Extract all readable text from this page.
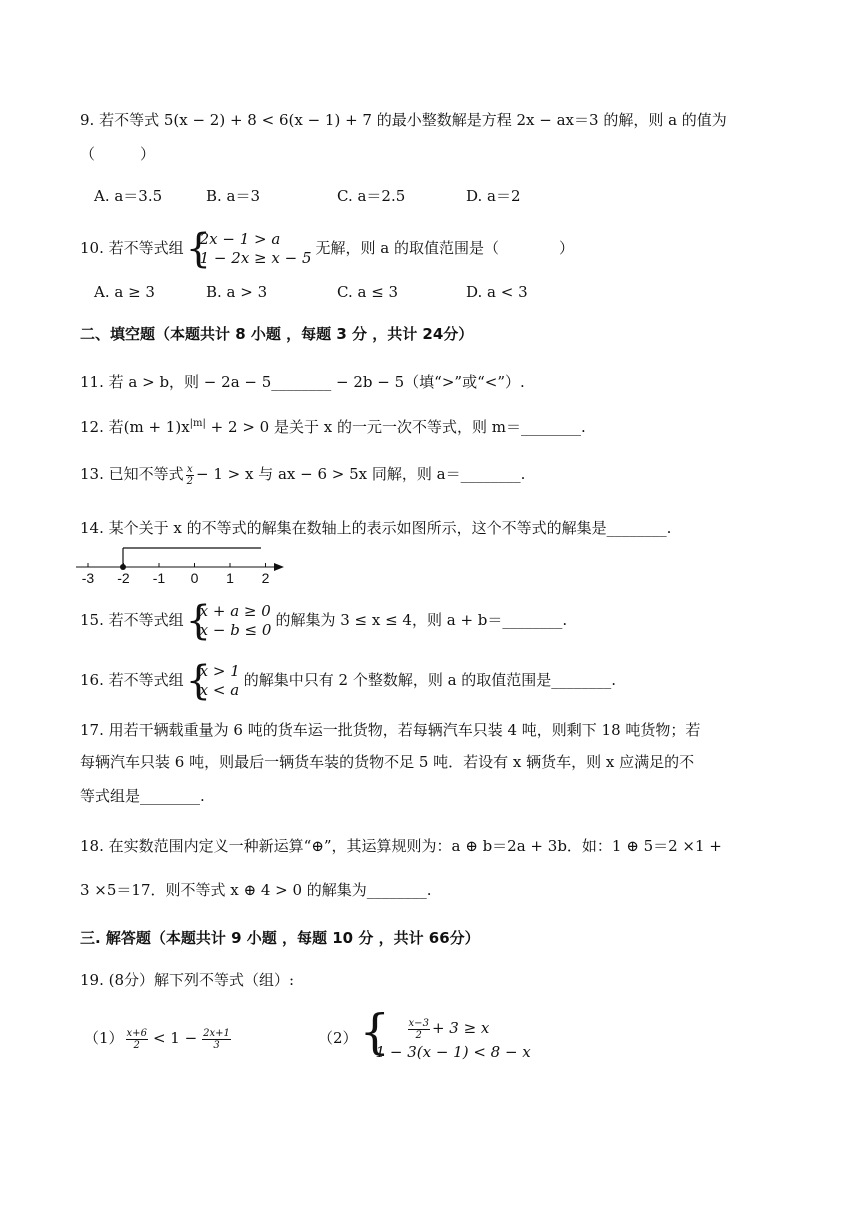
9. 若不等式 5(x − 2) + 8 < 6(x − 1) + 7 的最小整数解是方程 2x − ax＝3 的解，则 a 的值为
（　　　）
A. a＝3.5	B. a＝3	C. a＝2.5	D. a＝2
10. 若不等式组 {
2x − 1 > a
1 − 2x ≥ x − 5
无解，则 a 的取值范围是（　　　　）
A. a ≥ 3	B. a > 3	C. a ≤ 3	D. a < 3
二、填空题（本题共计 8 小题 ，每题 3 分 ，共计 24分）
11. 若 a > b，则 − 2a − 5________ − 2b − 5（填“>”或“<”）.
12. 若$(m + 1)x^{|m|} + 2 > 0$ 是关于 x 的一元一次不等式，则 m＝________.
13. 已知不等式 $\frac{x}{2} - 1 > x$ 与 ax − 6 > 5x 同解，则 a＝________.
14. 某个关于 x 的不等式的解集在数轴上的表示如图所示，这个不等式的解集是________.
-3 -2 -1 0 1 2
15. 若不等式组 {
x + a ≥ 0
x − b ≤ 0
的解集为 3 ≤ x ≤ 4，则 a + b＝________.
16. 若不等式组 {
x > 1
x < a
的解集中只有 2 个整数解，则 a 的取值范围是________.
17. 用若干辆载重量为 6 吨的货车运一批货物，若每辆汽车只装 4 吨，则剩下 18 吨货物；若
每辆汽车只装 6 吨，则最后一辆货车装的货物不足 5 吨．若设有 x 辆货车，则 x 应满足的不
等式组是________.
18. 在实数范围内定义一种新运算“⊕”，其运算规则为：a ⊕ b＝2a + 3b．如：1 ⊕ 5＝2 ×1 +
3 ×5＝17．则不等式 x ⊕ 4 > 0 的解集为________.
三. 解答题（本题共计 9 小题 ，每题 10 分 ，共计 66分）
19. (8分）解下列不等式（组）:
$(1) \frac{x+6}{2} < 1 - \frac{2x+1}{3}$	（2） { $\frac{x-3}{2} + 3 \ge x$
1 − 3(x − 1) < 8 − x
